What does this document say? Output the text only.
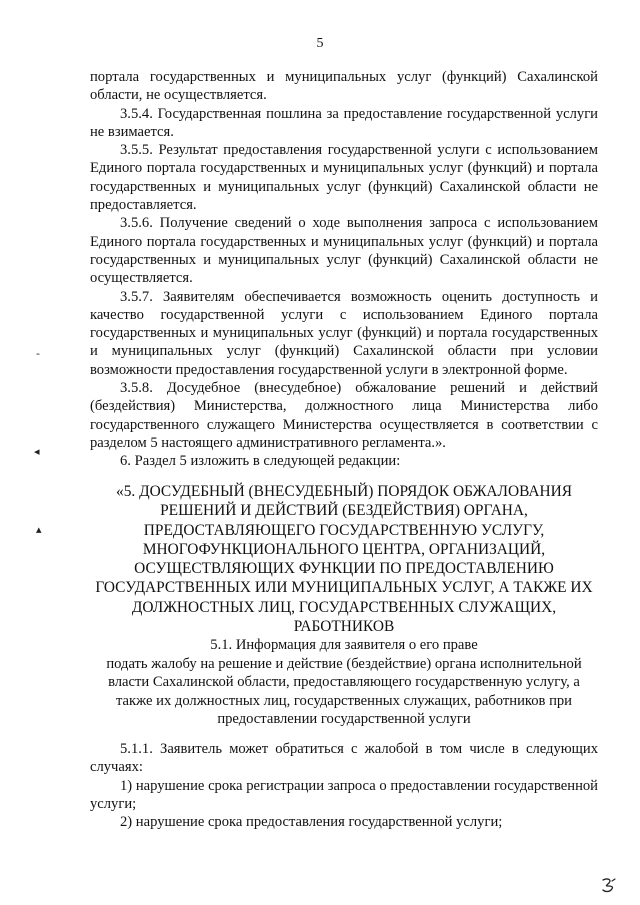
5

портала государственных и муниципальных услуг (функций) Сахалинской области, не осуществляется.

3.5.4. Государственная пошлина за предоставление государственной услуги не взимается.

3.5.5. Результат предоставления государственной услуги с использованием Единого портала государственных и муниципальных услуг (функций) и портала государственных и муниципальных услуг (функций) Сахалинской области не предоставляется.

3.5.6. Получение сведений о ходе выполнения запроса с использованием Единого портала государственных и муниципальных услуг (функций) и портала государственных и муниципальных услуг (функций) Сахалинской области не осуществляется.

3.5.7. Заявителям обеспечивается возможность оценить доступность и качество государственной услуги с использованием Единого портала государственных и муниципальных услуг (функций) и портала государственных и муниципальных услуг (функций) Сахалинской области при условии возможности предоставления государственной услуги в электронной форме.

3.5.8. Досудебное (внесудебное) обжалование решений и действий (бездействия) Министерства, должностного лица Министерства либо государственного служащего Министерства осуществляется в соответствии с разделом 5 настоящего административного регламента.».

6. Раздел 5 изложить в следующей редакции:

«5. ДОСУДЕБНЫЙ (ВНЕСУДЕБНЫЙ) ПОРЯДОК ОБЖАЛОВАНИЯ РЕШЕНИЙ И ДЕЙСТВИЙ (БЕЗДЕЙСТВИЯ) ОРГАНА, ПРЕДОСТАВЛЯЮЩЕГО ГОСУДАРСТВЕННУЮ УСЛУГУ, МНОГОФУНКЦИОНАЛЬНОГО ЦЕНТРА, ОРГАНИЗАЦИЙ, ОСУЩЕСТВЛЯЮЩИХ ФУНКЦИИ ПО ПРЕДОСТАВЛЕНИЮ ГОСУДАРСТВЕННЫХ ИЛИ МУНИЦИПАЛЬНЫХ УСЛУГ, А ТАКЖЕ ИХ ДОЛЖНОСТНЫХ ЛИЦ, ГОСУДАРСТВЕННЫХ СЛУЖАЩИХ, РАБОТНИКОВ
5.1. Информация для заявителя о его праве
подать жалобу на решение и действие (бездействие) органа исполнительной власти Сахалинской области, предоставляющего государственную услугу, а также их должностных лиц, государственных служащих, работников при предоставлении государственной услуги

5.1.1. Заявитель может обратиться с жалобой в том числе в следующих случаях:

1) нарушение срока регистрации запроса о предоставлении государственной услуги;

2) нарушение срока предоставления государственной услуги;

-
◂
▴
